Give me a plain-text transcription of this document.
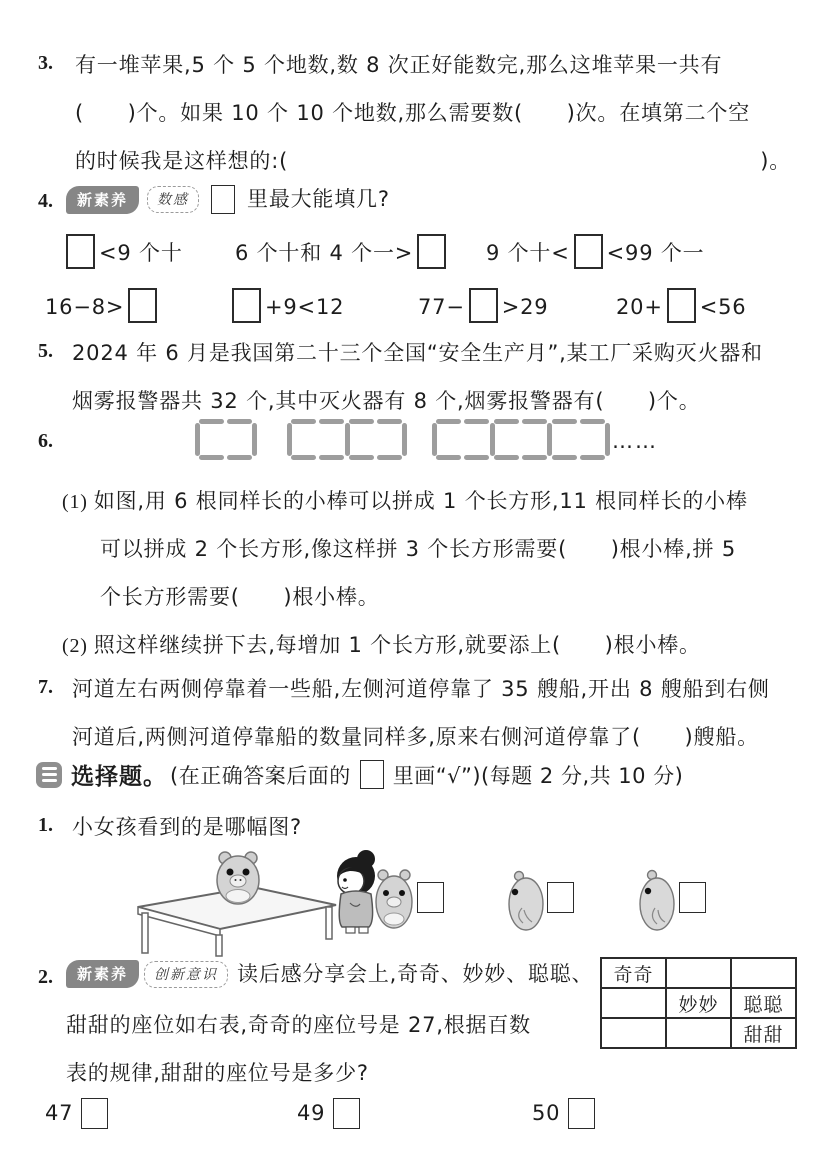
3. 有一堆苹果,5 个 5 个地数,数 8 次正好能数完,那么这堆苹果一共有
(　　)个。如果 10 个 10 个地数,那么需要数(　　)次。在填第二个空
的时候我是这样想的:(	)。
4.	新素养	数感	里最大能填几?
<9 个十 6 个十和 4 个一>	9 个十< <99 个一
16−8>	+9<12	77− >29	20+ <56
5. 2024 年 6 月是我国第二十三个全国“安全生产月”,某工厂采购灭火器和
烟雾报警器共 32 个,其中灭火器有 8 个,烟雾报警器有(　　)个。
6.	……
(1)  如图,用 6 根同样长的小棒可以拼成 1 个长方形,11 根同样长的小棒
可以拼成 2 个长方形,像这样拼 3 个长方形需要(　　)根小棒,拼 5
个长方形需要(　　)根小棒。
(2)  照这样继续拼下去,每增加 1 个长方形,就要添上(　　)根小棒。
7. 河道左右两侧停靠着一些船,左侧河道停靠了 35 艘船,开出 8 艘船到右侧
河道后,两侧河道停靠船的数量同样多,原来右侧河道停靠了(　　)艘船。
选择题。 (在正确答案后面的 里画“√”)(每题 2 分,共 10 分)
1. 小女孩看到的是哪幅图?
2.	新素养	创新意识 读后感分享会上,奇奇、妙妙、聪聪、
甜甜的座位如右表,奇奇的座位号是 27,根据百数
表的规律,甜甜的座位号是多少?
奇奇		
	妙妙	聪聪
		甜甜
47	49	50
